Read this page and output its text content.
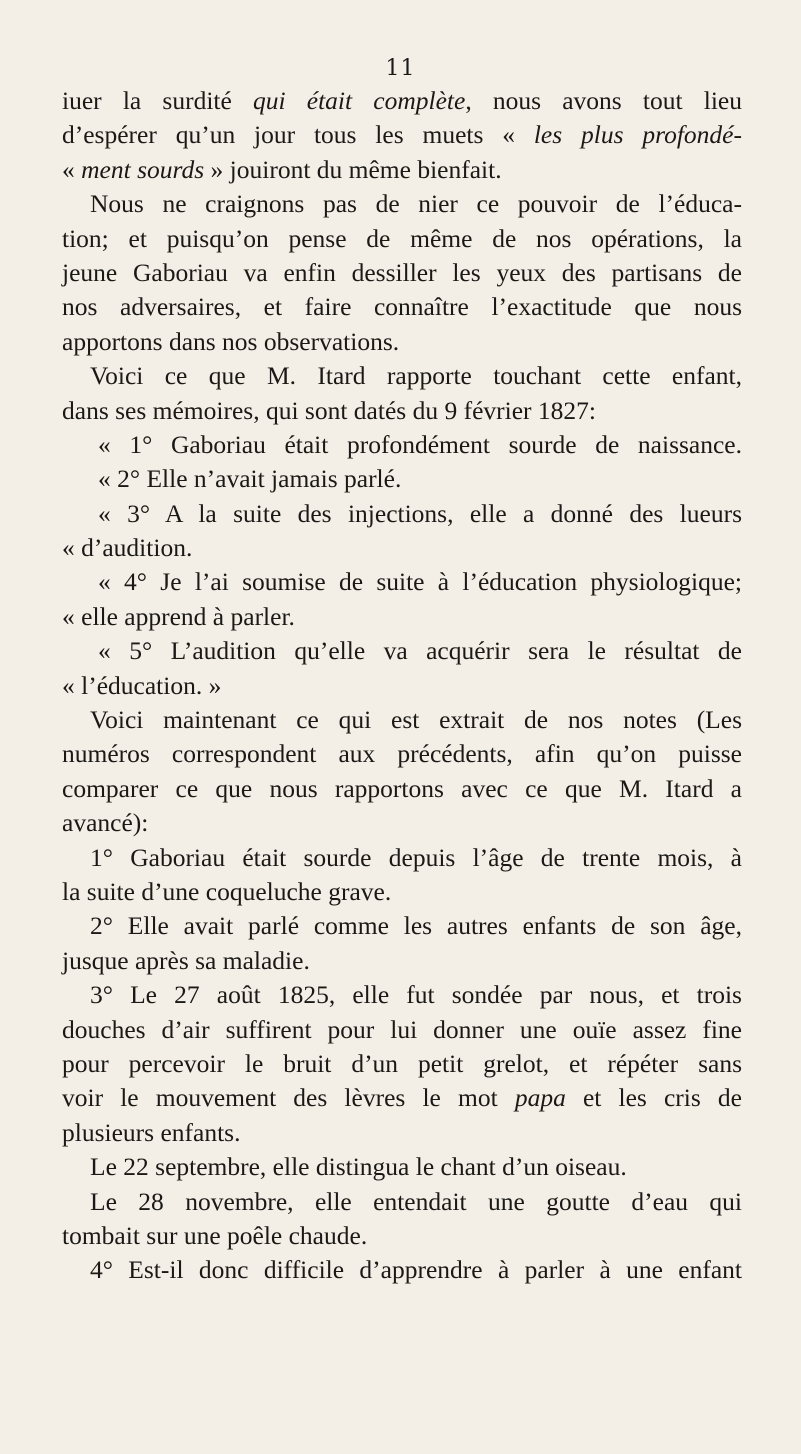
11
iuer la surdité qui était complète, nous avons tout lieu
d’espérer qu’un jour tous les muets « les plus profondé-
« ment sourds » jouiront du même bienfait.
Nous ne craignons pas de nier ce pouvoir de l’éduca-
tion; et puisqu’on pense de même de nos opérations, la
jeune Gaboriau va enfin dessiller les yeux des partisans de
nos adversaires, et faire connaître l’exactitude que nous
apportons dans nos observations.
Voici ce que M. Itard rapporte touchant cette enfant,
dans ses mémoires, qui sont datés du 9 février 1827:
« 1° Gaboriau était profondément sourde de naissance.
« 2° Elle n’avait jamais parlé.
« 3° A la suite des injections, elle a donné des lueurs
« d’audition.
« 4° Je l’ai soumise de suite à l’éducation physiologique;
« elle apprend à parler.
« 5° L’audition qu’elle va acquérir sera le résultat de
« l’éducation. »
Voici maintenant ce qui est extrait de nos notes (Les
numéros correspondent aux précédents, afin qu’on puisse
comparer ce que nous rapportons avec ce que M. Itard a
avancé):
1° Gaboriau était sourde depuis l’âge de trente mois, à
la suite d’une coqueluche grave.
2° Elle avait parlé comme les autres enfants de son âge,
jusque après sa maladie.
3° Le 27 août 1825, elle fut sondée par nous, et trois
douches d’air suffirent pour lui donner une ouïe assez fine
pour percevoir le bruit d’un petit grelot, et répéter sans
voir le mouvement des lèvres le mot papa et les cris de
plusieurs enfants.
Le 22 septembre, elle distingua le chant d’un oiseau.
Le 28 novembre, elle entendait une goutte d’eau qui
tombait sur une poêle chaude.
4° Est-il donc difficile d’apprendre à parler à une enfant
